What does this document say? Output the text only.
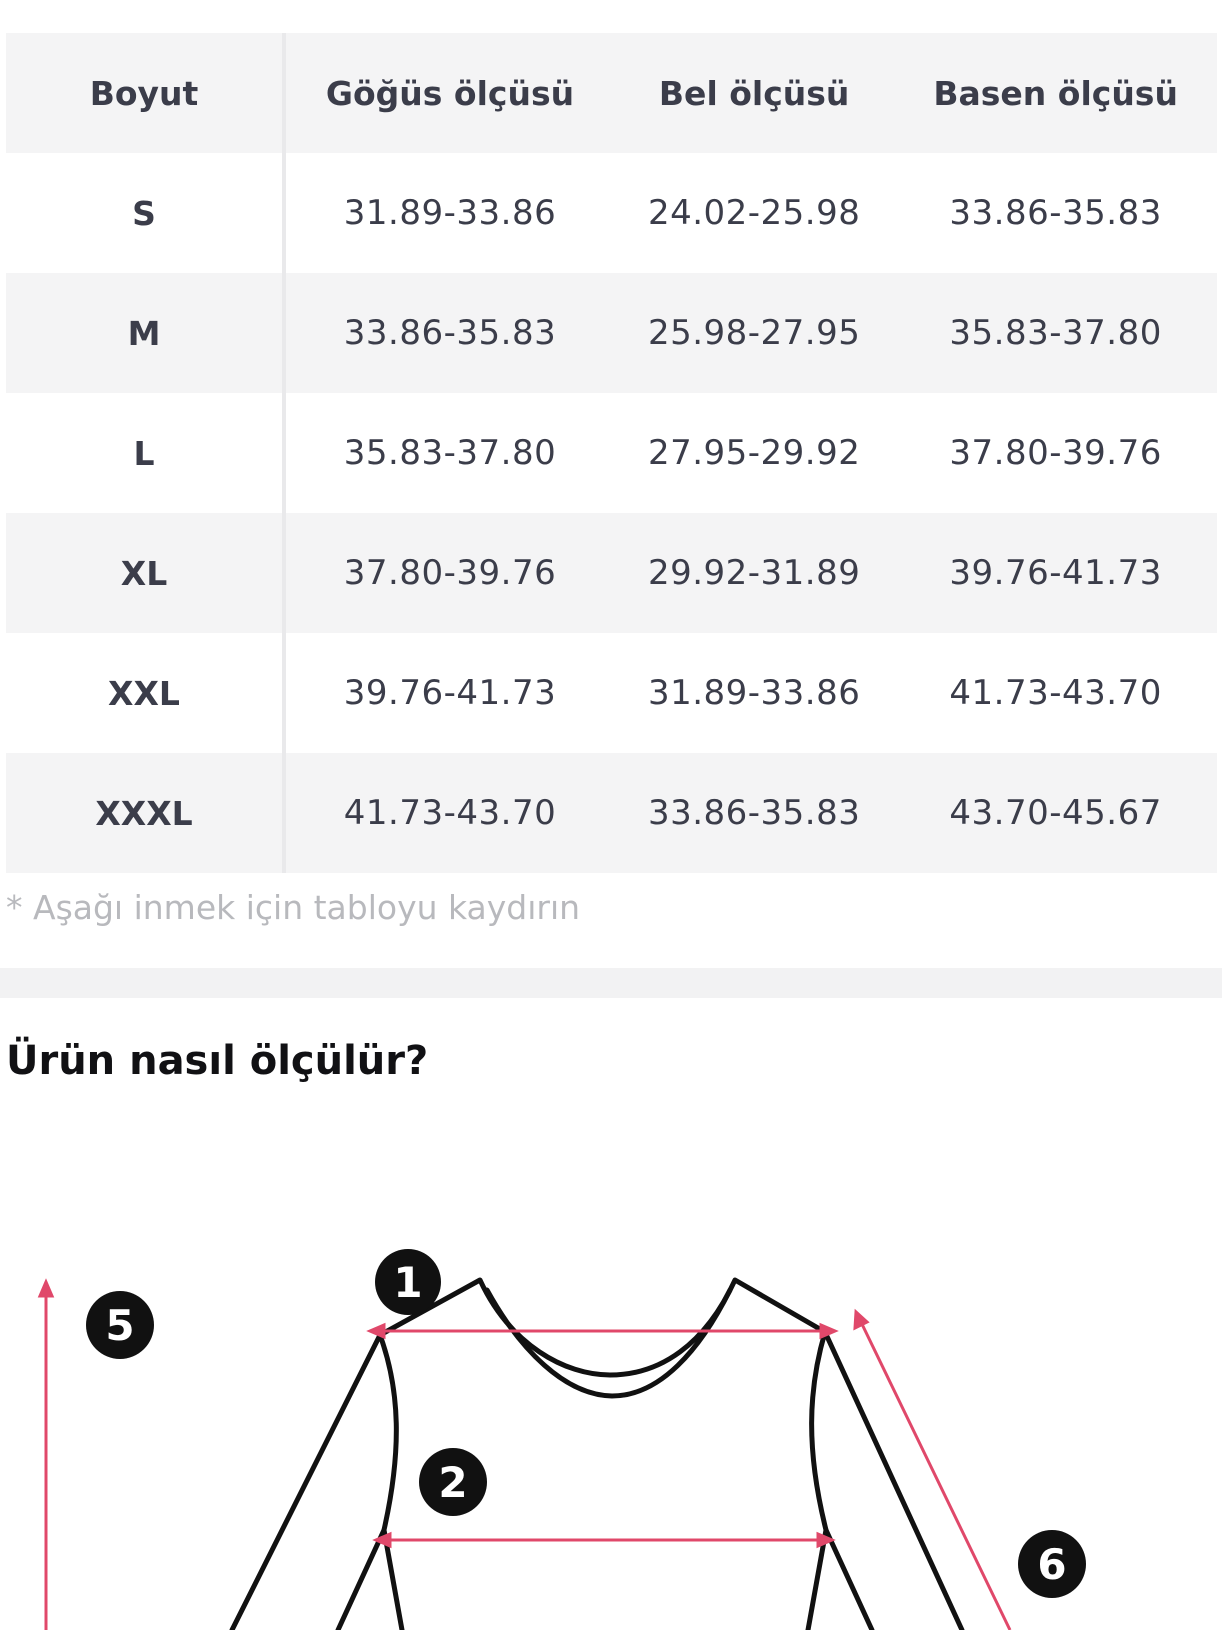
Boyut	Göğüs ölçüsü	Bel ölçüsü	Basen ölçüsü
S	31.89-33.86	24.02-25.98	33.86-35.83
M	33.86-35.83	25.98-27.95	35.83-37.80
L	35.83-37.80	27.95-29.92	37.80-39.76
XL	37.80-39.76	29.92-31.89	39.76-41.73
XXL	39.76-41.73	31.89-33.86	41.73-43.70
XXXL	41.73-43.70	33.86-35.83	43.70-45.67
* Aşağı inmek için tabloyu kaydırın
Ürün nasıl ölçülür?
1
2
5
6
